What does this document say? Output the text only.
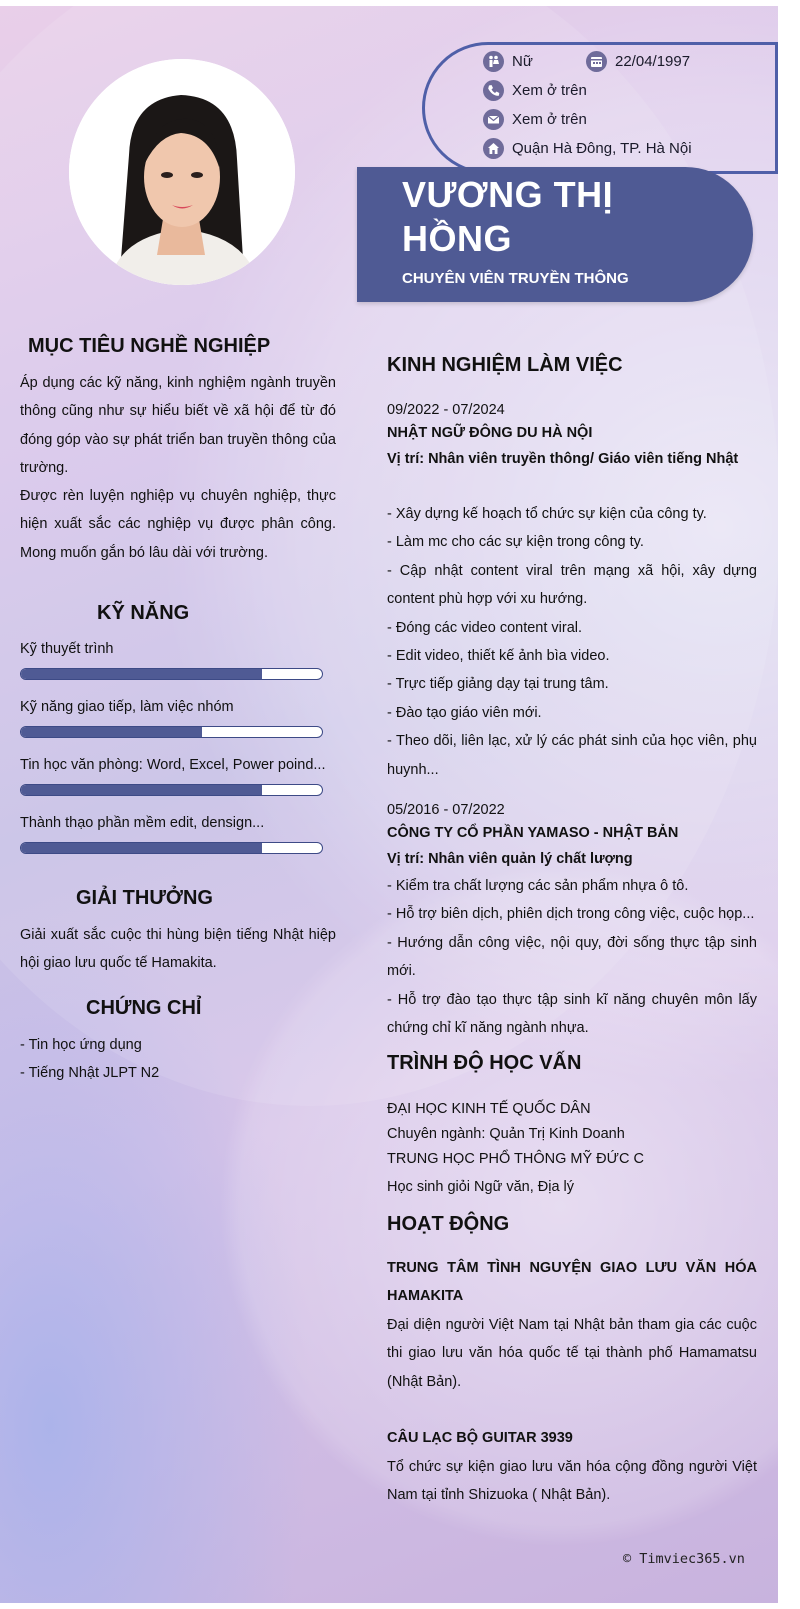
Nữ	22/04/1997
Xem ở trên
Xem ở trên
Quận Hà Đông, TP. Hà Nội
VƯƠNG THỊ HỒNG
CHUYÊN VIÊN TRUYỀN THÔNG
MỤC TIÊU NGHỀ NGHIỆP
Áp dụng các kỹ năng, kinh nghiệm ngành truyền thông cũng như sự hiểu biết về xã hội để từ đó đóng góp vào sự phát triển ban truyền thông của trường.
Được rèn luyện nghiệp vụ chuyên nghiệp, thực hiện xuất sắc các nghiệp vụ được phân công. Mong muốn gắn bó lâu dài với trường.
KỸ NĂNG
Kỹ thuyết trình
Kỹ năng giao tiếp, làm việc nhóm
Tin học văn phòng: Word, Excel, Power poind...
Thành thạo phần mềm edit, densign...
GIẢI THƯỞNG
Giải xuất sắc cuộc thi hùng biện tiếng Nhật hiệp hội giao lưu quốc tế Hamakita.
CHỨNG CHỈ
- Tin học ứng dụng
- Tiếng Nhật JLPT N2
KINH NGHIỆM LÀM VIỆC
09/2022 - 07/2024
NHẬT NGỮ ĐÔNG DU HÀ NỘI
Vị trí: Nhân viên truyền thông/ Giáo viên tiếng Nhật
- Xây dựng kế hoạch tổ chức sự kiện của công ty.
- Làm mc cho các sự kiện trong công ty.
- Cập nhật content viral trên mạng xã hội, xây dựng content phù hợp với xu hướng.
- Đóng các video content viral.
- Edit video, thiết kế ảnh bìa video.
- Trực tiếp giảng dạy tại trung tâm.
- Đào tạo giáo viên mới.
- Theo dõi, liên lạc, xử lý các phát sinh của học viên, phụ huynh...
05/2016 - 07/2022
CÔNG TY CỔ PHẦN YAMASO - NHẬT BẢN
Vị trí: Nhân viên quản lý chất lượng
- Kiểm tra chất lượng các sản phẩm nhựa ô tô.
- Hỗ trợ biên dịch, phiên dịch trong công việc, cuộc họp...
- Hướng dẫn công việc, nội quy, đời sống thực tập sinh mới.
- Hỗ trợ đào tạo thực tập sinh kĩ năng chuyên môn lấy chứng chỉ kĩ năng ngành nhựa.
TRÌNH ĐỘ HỌC VẤN
ĐẠI HỌC KINH TẾ QUỐC DÂN
Chuyên ngành: Quản Trị Kinh Doanh
TRUNG HỌC PHỔ THÔNG MỸ ĐỨC C
Học sinh giỏi Ngữ văn, Địa lý
HOẠT ĐỘNG
TRUNG TÂM TÌNH NGUYỆN GIAO LƯU VĂN HÓA HAMAKITA
Đại diện người Việt Nam tại Nhật bản tham gia các cuộc thi giao lưu văn hóa quốc tế tại thành phố Hamamatsu (Nhật Bản).
CÂU LẠC BỘ GUITAR 3939
Tổ chức sự kiện giao lưu văn hóa cộng đồng người Việt Nam tại tỉnh Shizuoka ( Nhật Bản).
© Timviec365.vn
